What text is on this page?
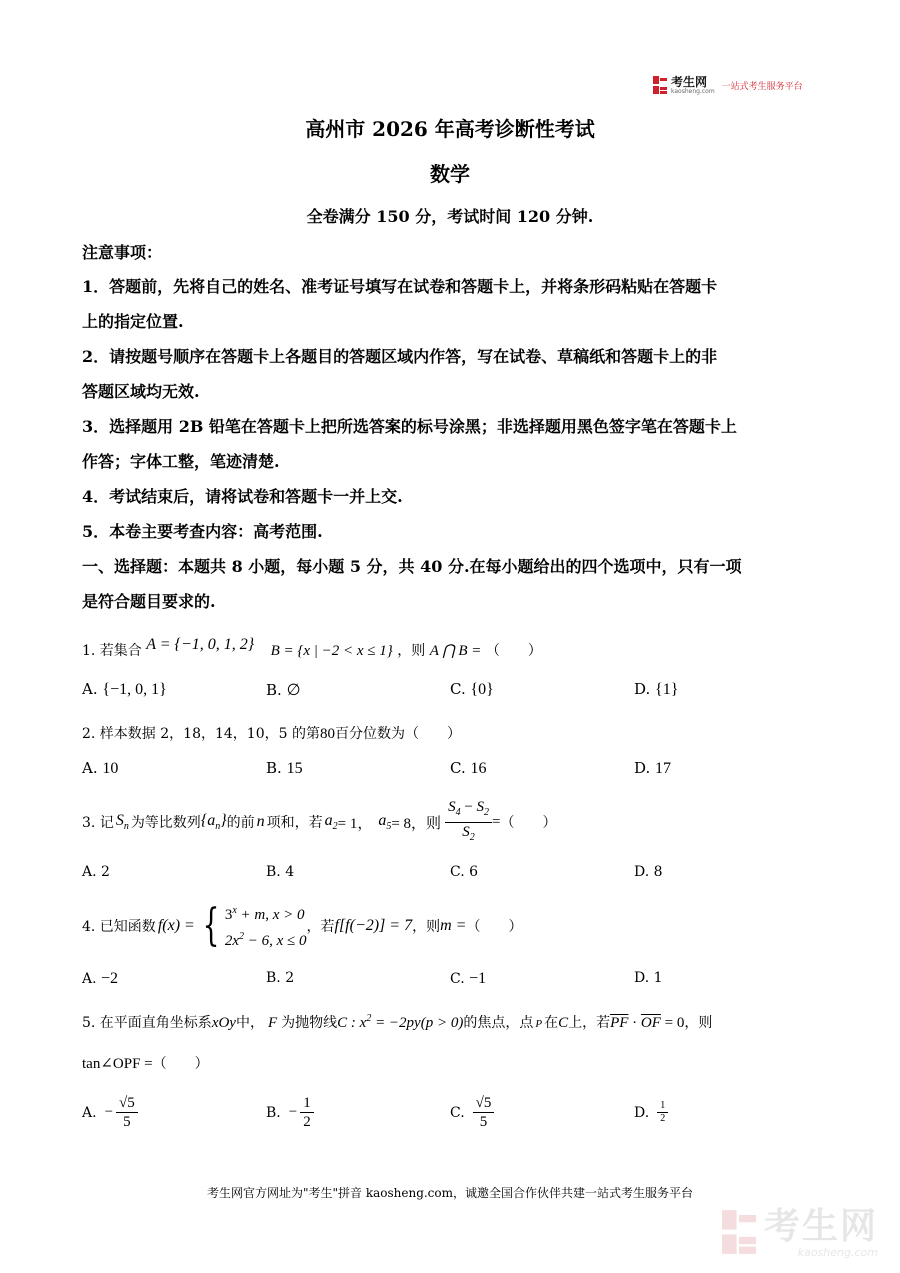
考生网
kaosheng.com 一站式考生服务平台
高州市 2026 年高考诊断性考试
数学
全卷满分 150 分，考试时间 120 分钟.
注意事项：
1．答题前，先将自己的姓名、准考证号填写在试卷和答题卡上，并将条形码粘贴在答题卡
上的指定位置.
2．请按题号顺序在答题卡上各题目的答题区域内作答，写在试卷、草稿纸和答题卡上的非
答题区域均无效.
3．选择题用 2B 铅笔在答题卡上把所选答案的标号涂黑；非选择题用黑色签字笔在答题卡上
作答；字体工整，笔迹清楚.
4．考试结束后，请将试卷和答题卡一并上交.
5．本卷主要考查内容：高考范围.
一、选择题：本题共 8 小题，每小题 5 分，共 40 分.在每小题给出的四个选项中，只有一项
是符合题目要求的.
1. 若集合 A = {−1, 0, 1, 2} B = {x | −2 < x ≤ 1} ，则 A ⋂ B = （　　）
A. {−1, 0, 1}	B. ∅	C. {0}	D. {1}
2. 样本数据 2，18，14，10，5 的第80百分位数为（　　）
A. 10	B. 15	C. 16	D. 17
3. 记 $S_n$ 为等比数列 $\{a_n\}$ 的前 n 项和，若 $a_2 = 1$， $a_5 = 8$，则 $\frac{S_4 - S_2}{S_2}$ = （　　）
A. 2	B. 4	C. 6	D. 8
4. 已知函数 f(x) = { $3^x + m$, x > 0
$2x^2 - 6$, x ≤ 0
，若 f[f(−2)] = 7 ，则 m = （　　）
A. −2	B. 2	C. −1	D. 1
5. 在平面直角坐标系xOy中， F 为抛物线C : $x^2 = -2py(p > 0)$的焦点，点 P 在C上，若$\overline{PF} \cdot \overline{OF} = 0$，则
tan∠OPF =（　　）
A. − $\frac{√5}{5}$	B. − $\frac{1}{2}$	C. $\frac{√5}{5}$	D. $\frac{1}{2}$
考生网官方网址为"考生"拼音 kaosheng.com，诚邀全国合作伙伴共建一站式考生服务平台
考生网
kaosheng.com
